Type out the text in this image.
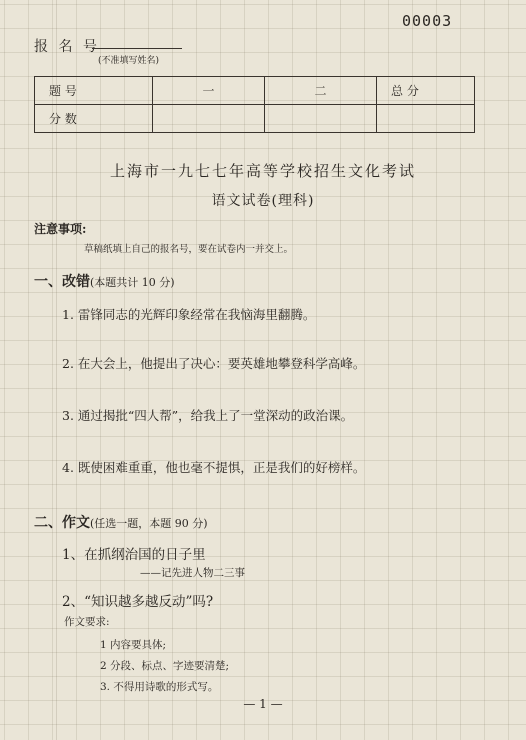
00003
报 名 号
(不准填写姓名)
题 号	一	二	总 分

分 数			

上海市一九七七年高等学校招生文化考试
语文试卷(理科)
注意事项:
草稿纸填上自己的报名号，要在试卷内一并交上。
一、改错(本题共计 10 分)
1. 雷锋同志的光辉印象经常在我恼海里翻腾。
2. 在大会上，他提出了决心：要英雄地攀登科学高峰。
3. 通过揭批“四人帮”，给我上了一堂深动的政治课。
4. 既使困难重重，他也毫不提惧，正是我们的好榜样。
二、作文(任选一题，本题 90 分)
1、在抓纲治国的日子里
——记先进人物二三事
2、“知识越多越反动”吗?
作文要求:
1 内容要具体;
2 分段、标点、字迹要清楚;
3. 不得用诗歌的形式写。
— 1 —
